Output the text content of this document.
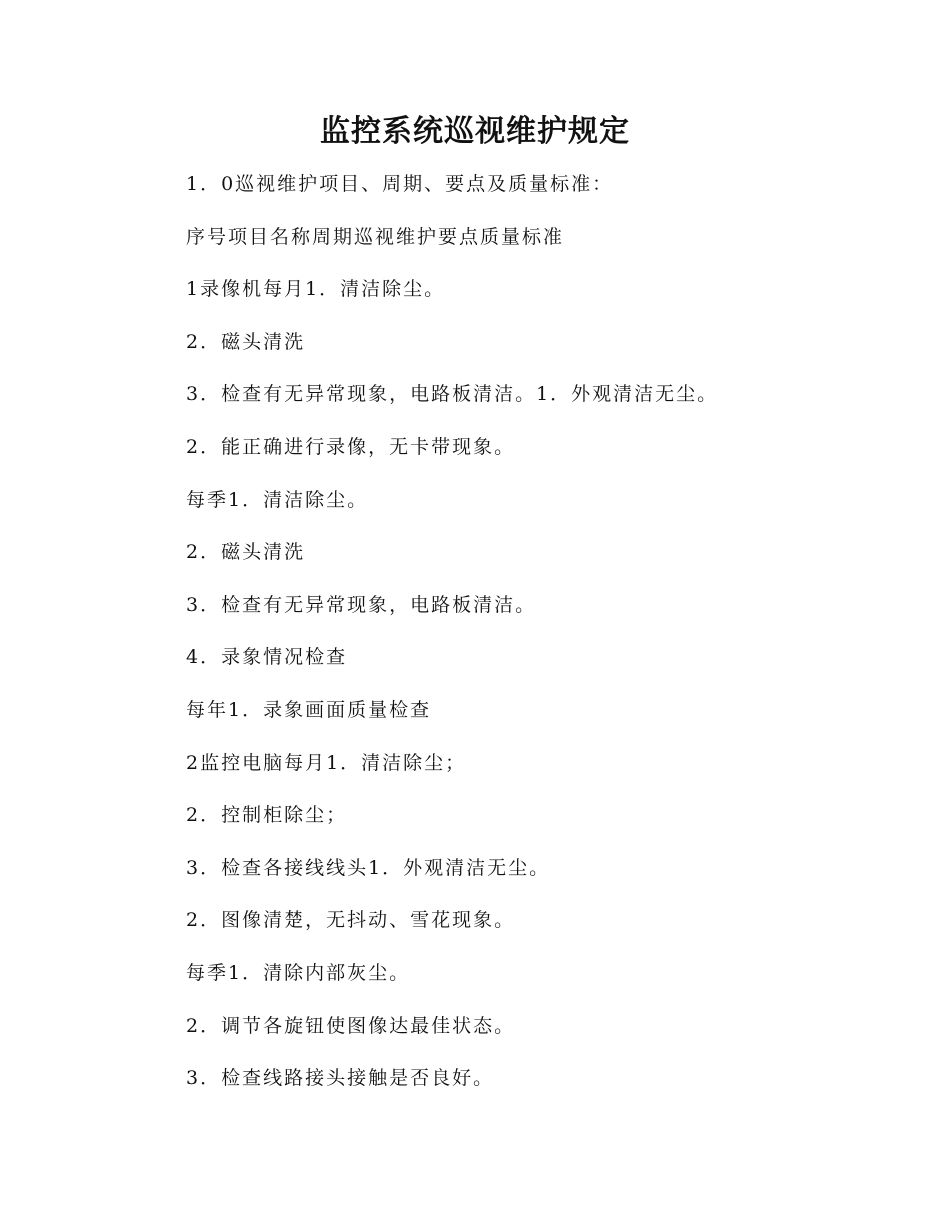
监控系统巡视维护规定

1．0巡视维护项目、周期、要点及质量标准：

序号项目名称周期巡视维护要点质量标准

1录像机每月1．清洁除尘。

2．磁头清洗

3．检查有无异常现象，电路板清洁。1．外观清洁无尘。

2．能正确进行录像，无卡带现象。

每季1．清洁除尘。

2．磁头清洗

3．检查有无异常现象，电路板清洁。

4．录象情况检查

每年1．录象画面质量检查

2监控电脑每月1．清洁除尘；

2．控制柜除尘；

3．检查各接线线头1．外观清洁无尘。

2．图像清楚，无抖动、雪花现象。

每季1．清除内部灰尘。

2．调节各旋钮使图像达最佳状态。

3．检查线路接头接触是否良好。
